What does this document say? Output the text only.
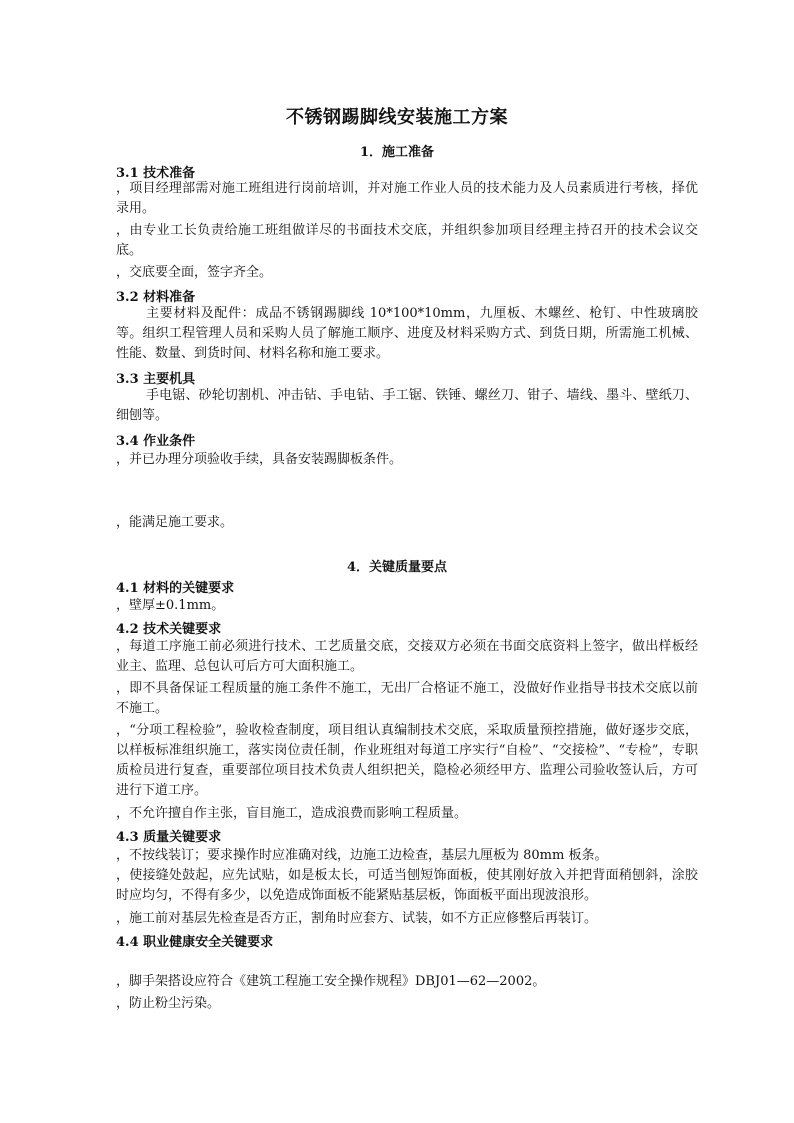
不锈钢踢脚线安装施工方案
1．施工准备
3.1 技术准备
，项目经理部需对施工班组进行岗前培训，并对施工作业人员的技术能力及人员素质进行考核，择优录用。
，由专业工长负责给施工班组做详尽的书面技术交底，并组织参加项目经理主持召开的技术会议交底。
，交底要全面，签字齐全。
3.2 材料准备
主要材料及配件：成品不锈钢踢脚线 10*100*10mm，九厘板、木螺丝、枪钉、中性玻璃胶等。组织工程管理人员和采购人员了解施工顺序、进度及材料采购方式、到货日期，所需施工机械、性能、数量、到货时间、材料名称和施工要求。
3.3 主要机具
手电锯、砂轮切割机、冲击钻、手电钻、手工锯、铁锤、螺丝刀、钳子、墙线、墨斗、壁纸刀、细刨等。
3.4 作业条件
，并已办理分项验收手续，具备安装踢脚板条件。
，能满足施工要求。
4．关键质量要点
4.1 材料的关键要求
，壁厚±0.1mm。
4.2 技术关键要求
，每道工序施工前必须进行技术、工艺质量交底，交接双方必须在书面交底资料上签字，做出样板经业主、监理、总包认可后方可大面积施工。
，即不具备保证工程质量的施工条件不施工，无出厂合格证不施工，没做好作业指导书技术交底以前不施工。
，“分项工程检验”，验收检查制度，项目组认真编制技术交底，采取质量预控措施，做好逐步交底，以样板标准组织施工，落实岗位责任制，作业班组对每道工序实行“自检”、“交接检”、“专检”，专职质检员进行复查，重要部位项目技术负责人组织把关，隐检必须经甲方、监理公司验收签认后，方可进行下道工序。
，不允许擅自作主张，盲目施工，造成浪费而影响工程质量。
4.3 质量关键要求
，不按线装订；要求操作时应准确对线，边施工边检查，基层九厘板为 80mm 板条。
，使接缝处鼓起，应先试贴，如是板太长，可适当刨短饰面板，使其刚好放入并把背面稍刨斜，涂胶时应均匀，不得有多少，以免造成饰面板不能紧贴基层板，饰面板平面出现波浪形。
，施工前对基层先检查是否方正，割角时应套方、试装，如不方正应修整后再装订。
4.4 职业健康安全关键要求
，脚手架搭设应符合《建筑工程施工安全操作规程》DBJ01—62—2002。
，防止粉尘污染。
